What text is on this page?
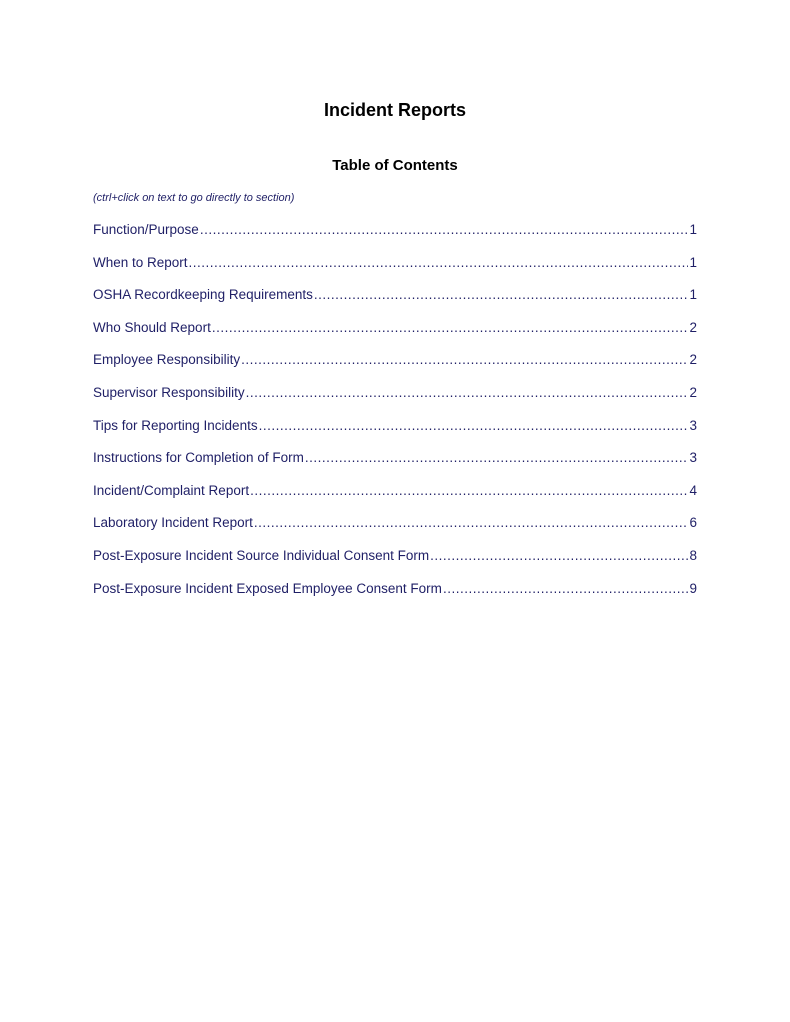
Incident Reports
Table of Contents
(ctrl+click on text to go directly to section)
Function/Purpose .....	1
When to Report .....	1
OSHA Recordkeeping Requirements .....	1
Who Should Report .....	2
Employee Responsibility .....	2
Supervisor Responsibility .....	2
Tips for Reporting Incidents .....	3
Instructions for Completion of Form .....	3
Incident/Complaint Report .....	4
Laboratory Incident Report .....	6
Post-Exposure Incident Source Individual Consent Form .....	8
Post-Exposure Incident Exposed Employee Consent Form .....	9
